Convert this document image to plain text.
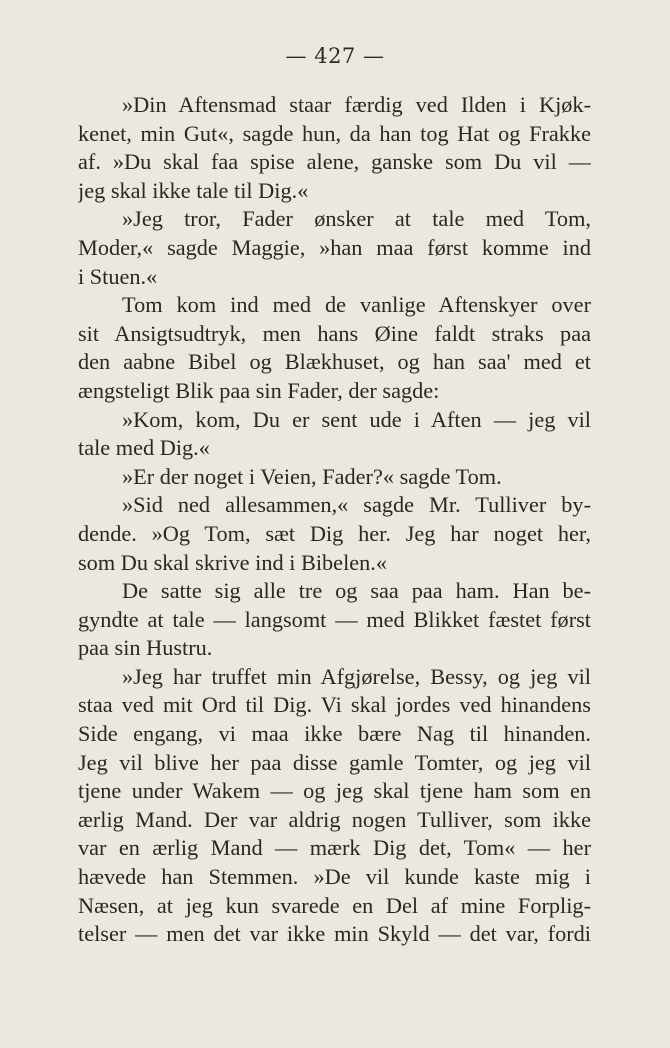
— 427 —
»Din Aftensmad staar færdig ved Ilden i Kjøk-
kenet, min Gut«, sagde hun, da han tog Hat og Frakke
af. »Du skal faa spise alene, ganske som Du vil —
jeg skal ikke tale til Dig.«
»Jeg tror, Fader ønsker at tale med Tom,
Moder,« sagde Maggie, »han maa først komme ind
i Stuen.«
Tom kom ind med de vanlige Aftenskyer over
sit Ansigtsudtryk, men hans Øine faldt straks paa
den aabne Bibel og Blækhuset, og han saa' med et
ængsteligt Blik paa sin Fader, der sagde:
»Kom, kom, Du er sent ude i Aften — jeg vil
tale med Dig.«
»Er der noget i Veien, Fader?« sagde Tom.
»Sid ned allesammen,« sagde Mr. Tulliver by-
dende. »Og Tom, sæt Dig her. Jeg har noget her,
som Du skal skrive ind i Bibelen.«
De satte sig alle tre og saa paa ham. Han be-
gyndte at tale — langsomt — med Blikket fæstet først
paa sin Hustru.
»Jeg har truffet min Afgjørelse, Bessy, og jeg vil
staa ved mit Ord til Dig. Vi skal jordes ved hinandens
Side engang, vi maa ikke bære Nag til hinanden.
Jeg vil blive her paa disse gamle Tomter, og jeg vil
tjene under Wakem — og jeg skal tjene ham som en
ærlig Mand. Der var aldrig nogen Tulliver, som ikke
var en ærlig Mand — mærk Dig det, Tom« — her
hævede han Stemmen. »De vil kunde kaste mig i
Næsen, at jeg kun svarede en Del af mine Forplig-
telser — men det var ikke min Skyld — det var, fordi
